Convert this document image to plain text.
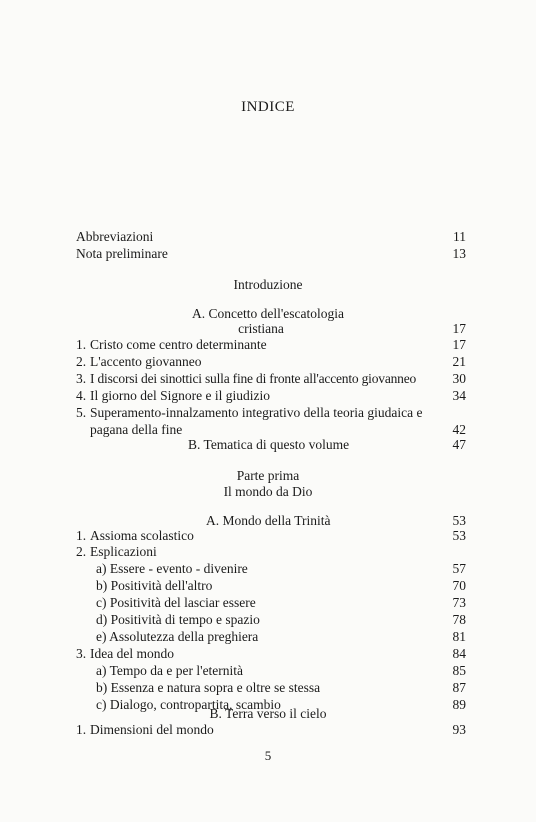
INDICE
Abbreviazioni	11
Nota preliminare	13
Introduzione
A. Concetto dell'escatologia
cristiana	17
1. Cristo come centro determinante	17
2. L'accento giovanneo	21
3. I discorsi dei sinottici sulla fine di fronte all'accento giovanneo	30
4. Il giorno del Signore e il giudizio	34
5. Superamento-innalzamento integrativo della teoria giudaica e
pagana della fine	42
B. Tematica di questo volume	47
Parte prima
Il mondo da Dio
A. Mondo della Trinità	53
1. Assioma scolastico	53
2. Esplicazioni
a) Essere - evento - divenire	57
b) Positività dell'altro	70
c) Positività del lasciar essere	73
d) Positività di tempo e spazio	78
e) Assolutezza della preghiera	81
3. Idea del mondo	84
a) Tempo da e per l'eternità	85
b) Essenza e natura sopra e oltre se stessa	87
c) Dialogo, contropartita, scambio	89
B. Terra verso il cielo
1. Dimensioni del mondo	93
5
